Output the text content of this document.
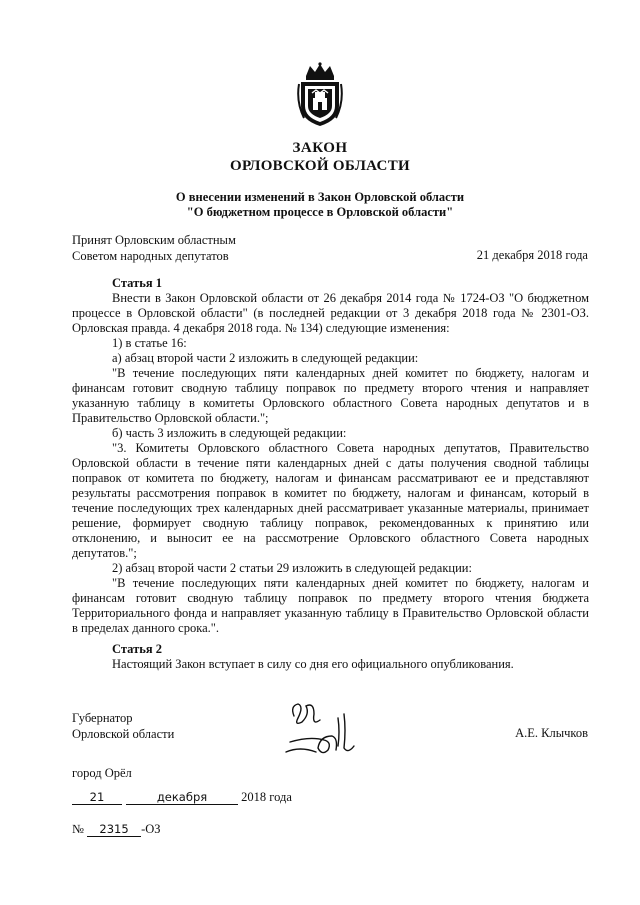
ЗАКОН
ОРЛОВСКОЙ ОБЛАСТИ
О внесении изменений в Закон Орловской области
"О бюджетном процессе в Орловской области"
Принят Орловским областным
Советом народных депутатов	21 декабря 2018 года

Статья 1

Внести в Закон Орловской области от 26 декабря 2014 года № 1724-ОЗ "О бюджетном процессе в Орловской области" (в последней редакции от 3 декабря 2018 года № 2301-ОЗ. Орловская правда. 4 декабря 2018 года. № 134) следующие изменения:

1) в статье 16:

а) абзац второй части 2 изложить в следующей редакции:

"В течение последующих пяти календарных дней комитет по бюджету, налогам и финансам готовит сводную таблицу поправок по предмету второго чтения и направляет указанную таблицу в комитеты Орловского областного Совета народных депутатов и в Правительство Орловской области.";

б) часть 3 изложить в следующей редакции:

"3. Комитеты Орловского областного Совета народных депутатов, Правительство Орловской области в течение пяти календарных дней с даты получения сводной таблицы поправок от комитета по бюджету, налогам и финансам рассматривают ее и представляют результаты рассмотрения поправок в комитет по бюджету, налогам и финансам, который в течение последующих трех календарных дней рассматривает указанные материалы, принимает решение, формирует сводную таблицу поправок, рекомендованных к принятию или отклонению, и выносит ее на рассмотрение Орловского областного Совета народных депутатов.";

2) абзац второй части 2 статьи 29 изложить в следующей редакции:

"В течение последующих пяти календарных дней комитет по бюджету, налогам и финансам готовит сводную таблицу поправок по предмету второго чтения бюджета Территориального фонда и направляет указанную таблицу в Правительство Орловской области в пределах данного срока.".

Статья 2

Настоящий Закон вступает в силу со дня его официального опубликования.

Губернатор
Орловской области	А.Е. Клычков
город Орёл
21	декабря	2018 года
№ 2315 -ОЗ
